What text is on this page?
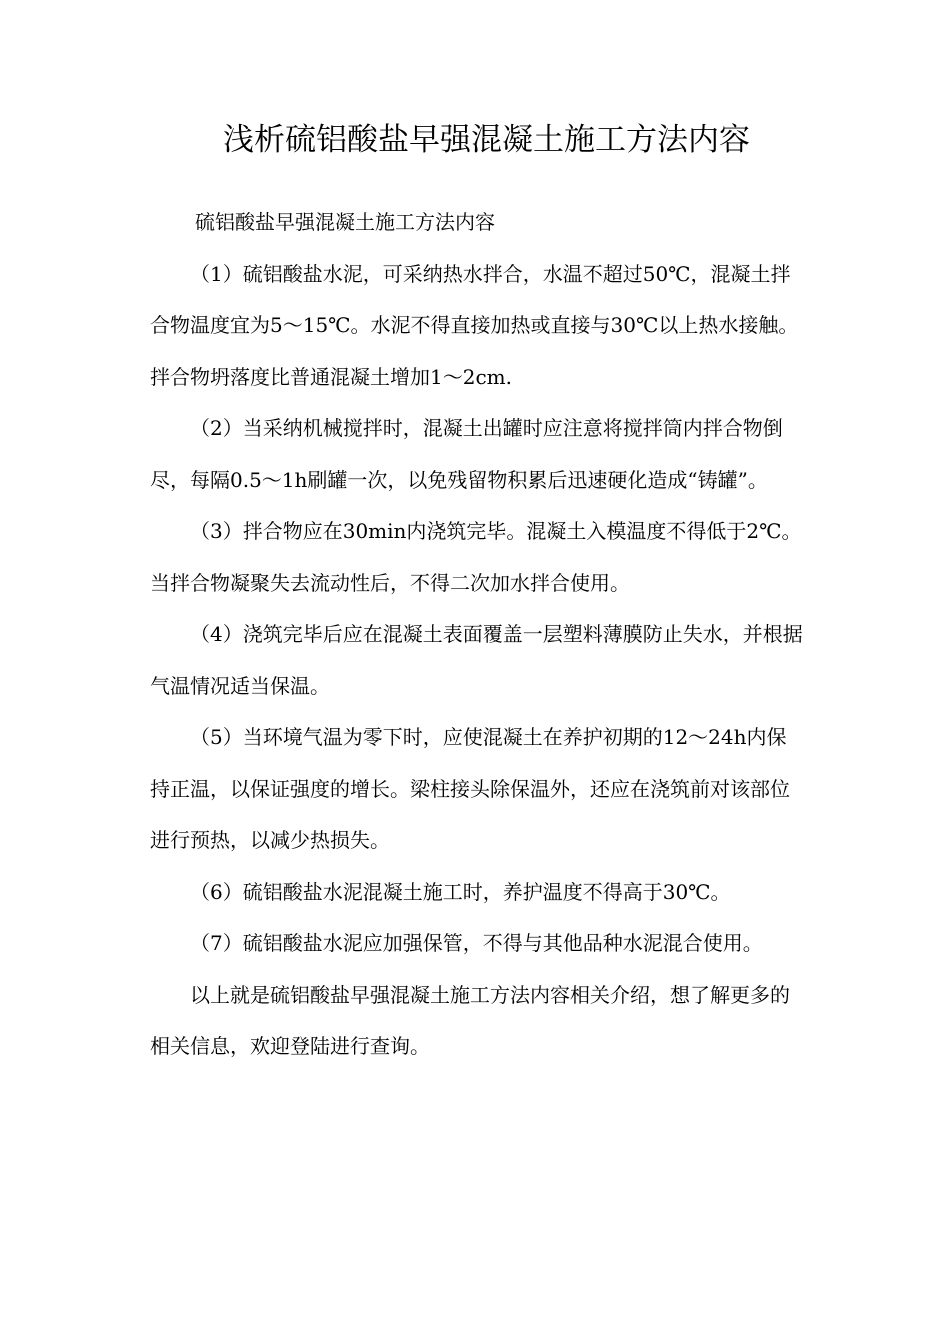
浅析硫铝酸盐早强混凝土施工方法内容

硫铝酸盐早强混凝土施工方法内容

（1）硫铝酸盐水泥，可采纳热水拌合，水温不超过50℃，混凝土拌合物温度宜为5～15℃。水泥不得直接加热或直接与30℃以上热水接触。拌合物坍落度比普通混凝土增加1～2cm.

（2）当采纳机械搅拌时，混凝土出罐时应注意将搅拌筒内拌合物倒尽，每隔0.5～1h刷罐一次，以免残留物积累后迅速硬化造成“铸罐”。

（3）拌合物应在30min内浇筑完毕。混凝土入模温度不得低于2℃。当拌合物凝聚失去流动性后，不得二次加水拌合使用。

（4）浇筑完毕后应在混凝土表面覆盖一层塑料薄膜防止失水，并根据气温情况适当保温。

（5）当环境气温为零下时，应使混凝土在养护初期的12～24h内保持正温，以保证强度的增长。梁柱接头除保温外，还应在浇筑前对该部位进行预热，以减少热损失。

（6）硫铝酸盐水泥混凝土施工时，养护温度不得高于30℃。

（7）硫铝酸盐水泥应加强保管，不得与其他品种水泥混合使用。

以上就是硫铝酸盐早强混凝土施工方法内容相关介绍，想了解更多的相关信息，欢迎登陆进行查询。
